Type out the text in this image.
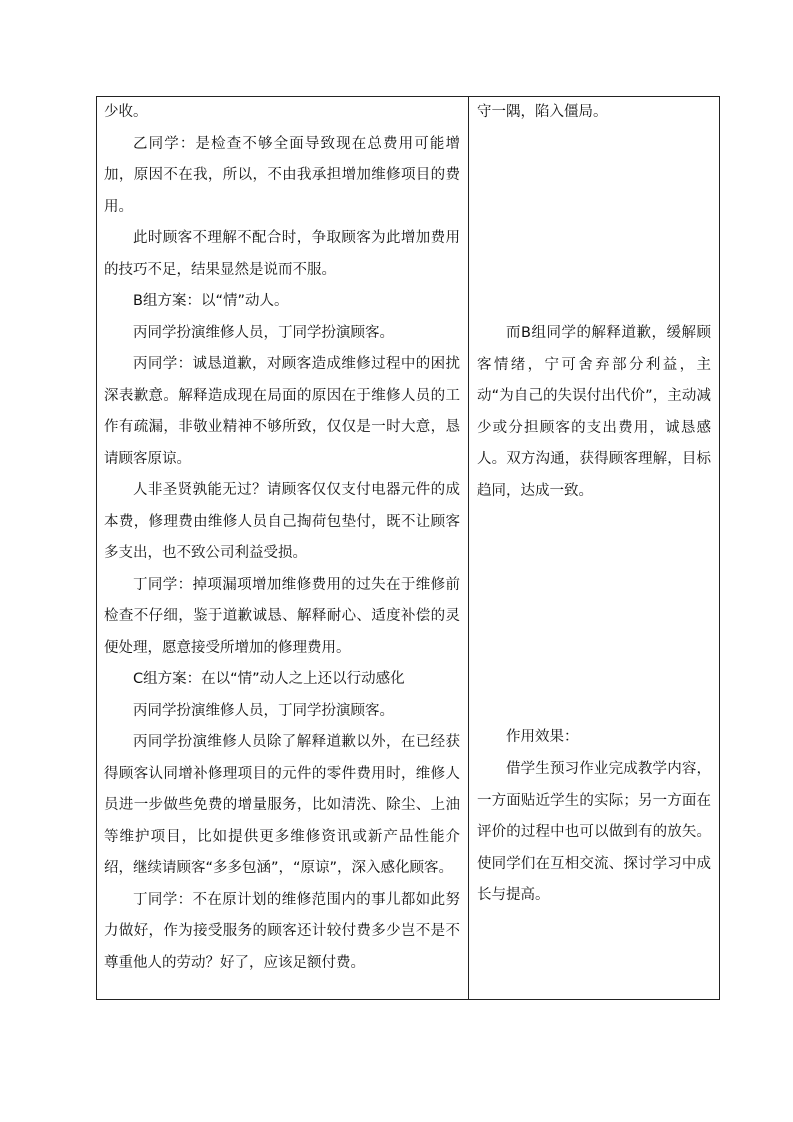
少收。

乙同学：是检查不够全面导致现在总费用可能增加，原因不在我，所以，不由我承担增加维修项目的费用。

此时顾客不理解不配合时，争取顾客为此增加费用的技巧不足，结果显然是说而不服。

B组方案：以“情”动人。

丙同学扮演维修人员，丁同学扮演顾客。

丙同学：诚恳道歉，对顾客造成维修过程中的困扰深表歉意。解释造成现在局面的原因在于维修人员的工作有疏漏，非敬业精神不够所致，仅仅是一时大意，恳请顾客原谅。

人非圣贤孰能无过？请顾客仅仅支付电器元件的成本费，修理费由维修人员自己掏荷包垫付，既不让顾客多支出，也不致公司利益受损。

丁同学：掉项漏项增加维修费用的过失在于维修前检查不仔细，鉴于道歉诚恳、解释耐心、适度补偿的灵便处理，愿意接受所增加的修理费用。

C组方案：在以“情”动人之上还以行动感化

丙同学扮演维修人员，丁同学扮演顾客。

丙同学扮演维修人员除了解释道歉以外，在已经获得顾客认同增补修理项目的元件的零件费用时，维修人员进一步做些免费的增量服务，比如清洗、除尘、上油等维护项目，比如提供更多维修资讯或新产品性能介绍，继续请顾客“多多包涵”，“原谅”，深入感化顾客。

丁同学：不在原计划的维修范围内的事儿都如此努力做好，作为接受服务的顾客还计较付费多少岂不是不尊重他人的劳动？好了，应该足额付费。

守一隅，陷入僵局。

而B组同学的解释道歉，缓解顾客情绪，宁可舍弃部分利益，主动“为自己的失误付出代价”，主动减少或分担顾客的支出费用，诚恳感人。双方沟通，获得顾客理解，目标趋同，达成一致。

作用效果：

借学生预习作业完成教学内容，一方面贴近学生的实际；另一方面在评价的过程中也可以做到有的放矢。使同学们在互相交流、探讨学习中成长与提高。
